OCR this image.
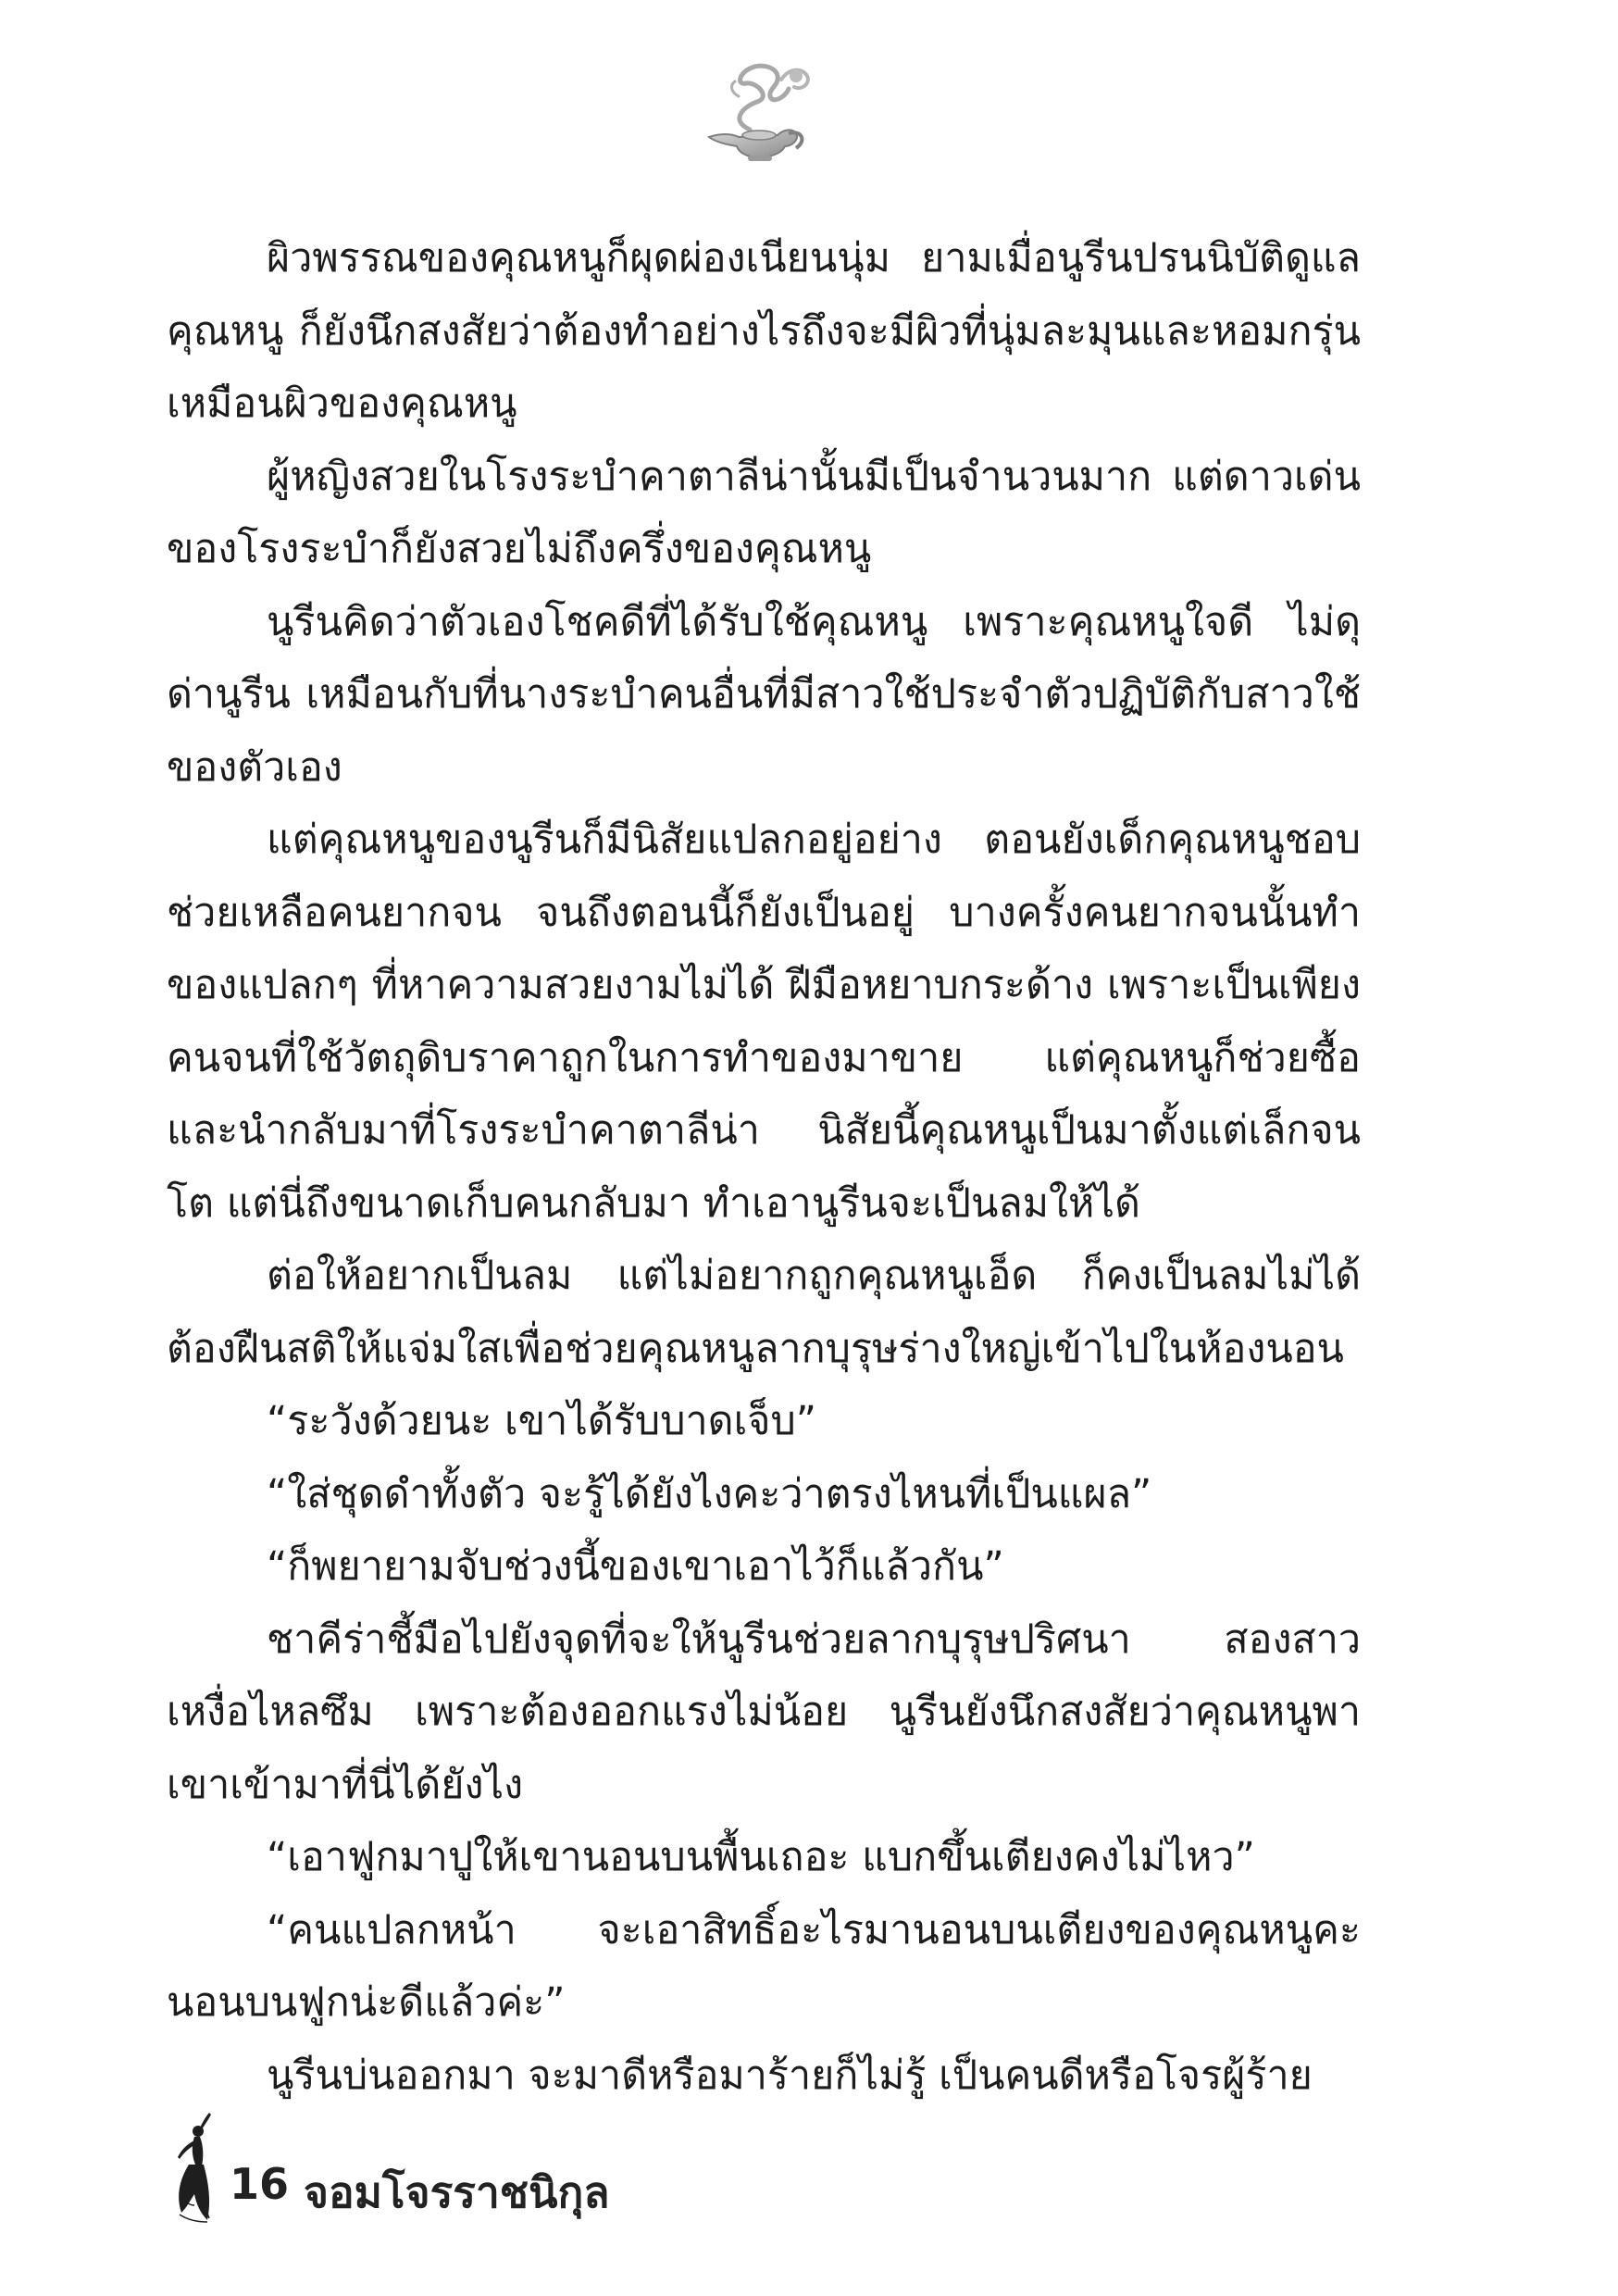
ผิวพรรณของคุณหนูก็ผุดผ่องเนียนนุ่ม ยามเมื่อนูรีนปรนนิบัติดูแลคุณหนู ก็ยังนึกสงสัยว่าต้องทำอย่างไรถึงจะมีผิวที่นุ่มละมุนและหอมกรุ่นเหมือนผิวของคุณหนู

ผู้หญิงสวยในโรงระบำคาตาลีน่านั้นมีเป็นจำนวนมาก แต่ดาวเด่นของโรงระบำก็ยังสวยไม่ถึงครึ่งของคุณหนู

นูรีนคิดว่าตัวเองโชคดีที่ได้รับใช้คุณหนู เพราะคุณหนูใจดี ไม่ดุด่านูรีน เหมือนกับที่นางระบำคนอื่นที่มีสาวใช้ประจำตัวปฏิบัติกับสาวใช้ของตัวเอง

แต่คุณหนูของนูรีนก็มีนิสัยแปลกอยู่อย่าง ตอนยังเด็กคุณหนูชอบช่วยเหลือคนยากจน จนถึงตอนนี้ก็ยังเป็นอยู่ บางครั้งคนยากจนนั้นทำของแปลกๆ ที่หาความสวยงามไม่ได้ ฝีมือหยาบกระด้าง เพราะเป็นเพียงคนจนที่ใช้วัตถุดิบราคาถูกในการทำของมาขาย แต่คุณหนูก็ช่วยซื้อและนำกลับมาที่โรงระบำคาตาลีน่า นิสัยนี้คุณหนูเป็นมาตั้งแต่เล็กจนโต แต่นี่ถึงขนาดเก็บคนกลับมา ทำเอานูรีนจะเป็นลมให้ได้

ต่อให้อยากเป็นลม แต่ไม่อยากถูกคุณหนูเอ็ด ก็คงเป็นลมไม่ได้ ต้องฝืนสติให้แจ่มใสเพื่อช่วยคุณหนูลากบุรุษร่างใหญ่เข้าไปในห้องนอน

“ระวังด้วยนะ เขาได้รับบาดเจ็บ”

“ใส่ชุดดำทั้งตัว จะรู้ได้ยังไงคะว่าตรงไหนที่เป็นแผล”

“ก็พยายามจับช่วงนี้ของเขาเอาไว้ก็แล้วกัน”

ชาคีร่าชี้มือไปยังจุดที่จะให้นูรีนช่วยลากบุรุษปริศนา สองสาวเหงื่อไหลซึม เพราะต้องออกแรงไม่น้อย นูรีนยังนึกสงสัยว่าคุณหนูพาเขาเข้ามาที่นี่ได้ยังไง

“เอาฟูกมาปูให้เขานอนบนพื้นเถอะ แบกขึ้นเตียงคงไม่ไหว”

“คนแปลกหน้า จะเอาสิทธิ์อะไรมานอนบนเตียงของคุณหนูคะ นอนบนฟูกน่ะดีแล้วค่ะ”

นูรีนบ่นออกมา จะมาดีหรือมาร้ายก็ไม่รู้ เป็นคนดีหรือโจรผู้ร้าย

16 จอมโจรราชนิกุล
